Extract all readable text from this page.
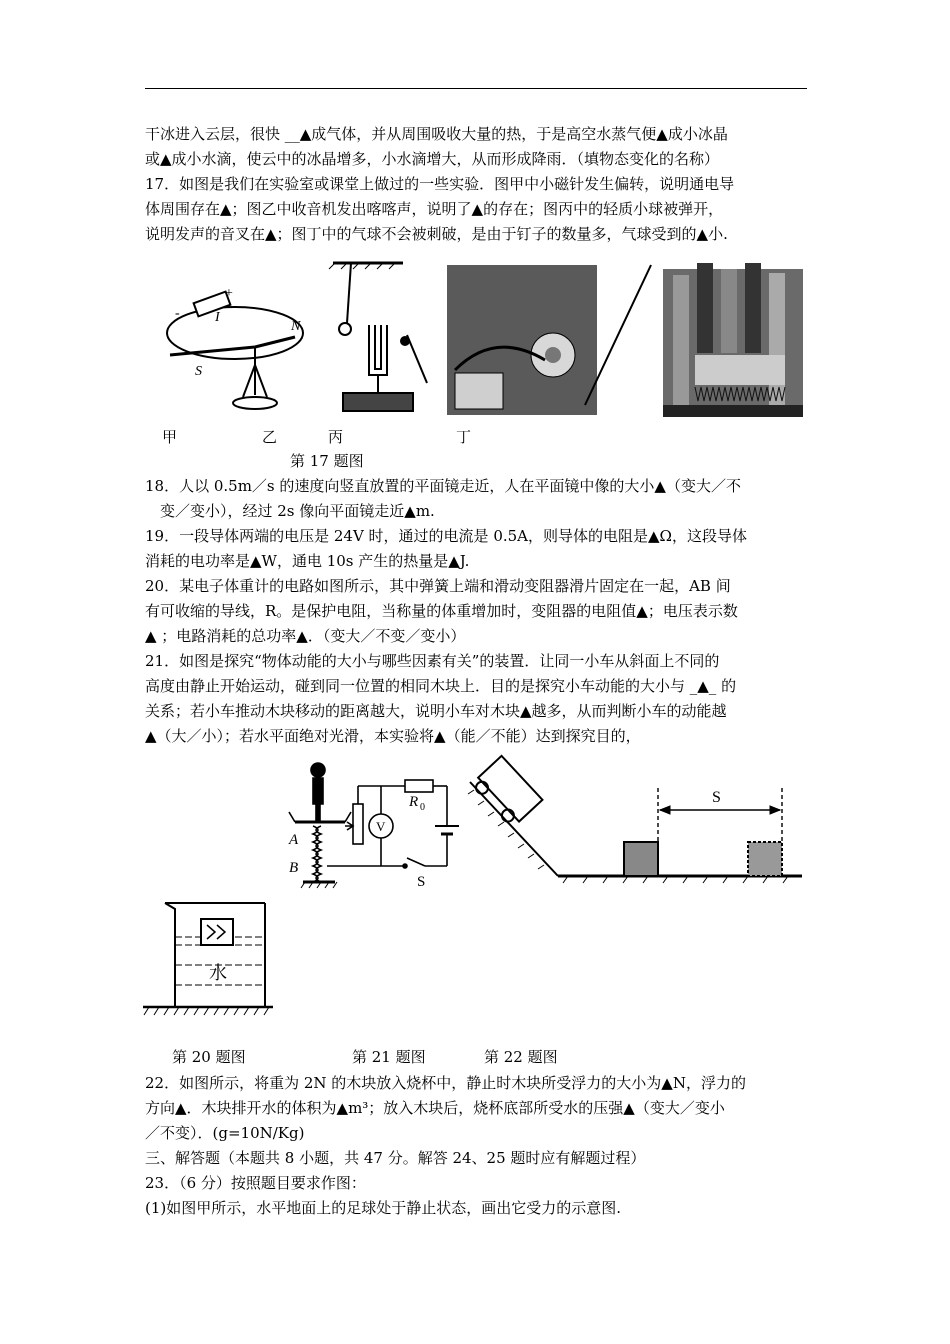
干冰进入云层，很快 __▲成气体，并从周围吸收大量的热，于是高空水蒸气便▲成小冰晶
或▲成小水滴，使云中的冰晶增多，小水滴增大，从而形成降雨．（填物态变化的名称）
17．如图是我们在实验室或课堂上做过的一些实验．图甲中小磁针发生偏转，说明通电导
体周围存在▲；图乙中收音机发出喀喀声，说明了▲的存在；图丙中的轻质小球被弹开，
说明发声的音叉在▲；图丁中的气球不会被刺破，是由于钉子的数量多，气球受到的▲小.
+
-	I
N
S
甲	乙	丙	丁
第 17 题图
18．人以 0.5m／s 的速度向竖直放置的平面镜走近，人在平面镜中像的大小▲（变大／不
　变／变小），经过 2s 像向平面镜走近▲m.
19．一段导体两端的电压是 24V 时，通过的电流是 0.5A，则导体的电阻是▲Ω，这段导体
消耗的电功率是▲W，通电 10s 产生的热量是▲J.
20．某电子体重计的电路如图所示，其中弹簧上端和滑动变阻器滑片固定在一起，AB 间
有可收缩的导线，R。是保护电阻，当称量的体重增加时，变阻器的电阻值▲；电压表示数
▲ ；电路消耗的总功率▲．（变大／不变／变小）
21．如图是探究“物体动能的大小与哪些因素有关”的装置．让同一小车从斜面上不同的
高度由静止开始运动，碰到同一位置的相同木块上．目的是探究小车动能的大小与 _▲_ 的
关系；若小车推动木块移动的距离越大，说明小车对木块▲越多，从而判断小车的动能越
▲（大／小）；若水平面绝对光滑，本实验将▲（能／不能）达到探究目的，
A
B
R 0
V
S
S
水
第 20 题图	第 21 题图	第 22 题图
22．如图所示，将重为 2N 的木块放入烧杯中，静止时木块所受浮力的大小为▲N，浮力的
方向▲．木块排开水的体积为▲m³；放入木块后，烧杯底部所受水的压强▲（变大／变小
／不变）．(g=10N/Kg)
三、解答题（本题共 8 小题，共 47 分。解答 24、25 题时应有解题过程）
23．（6 分）按照题目要求作图：
(1)如图甲所示，水平地面上的足球处于静止状态，画出它受力的示意图.
